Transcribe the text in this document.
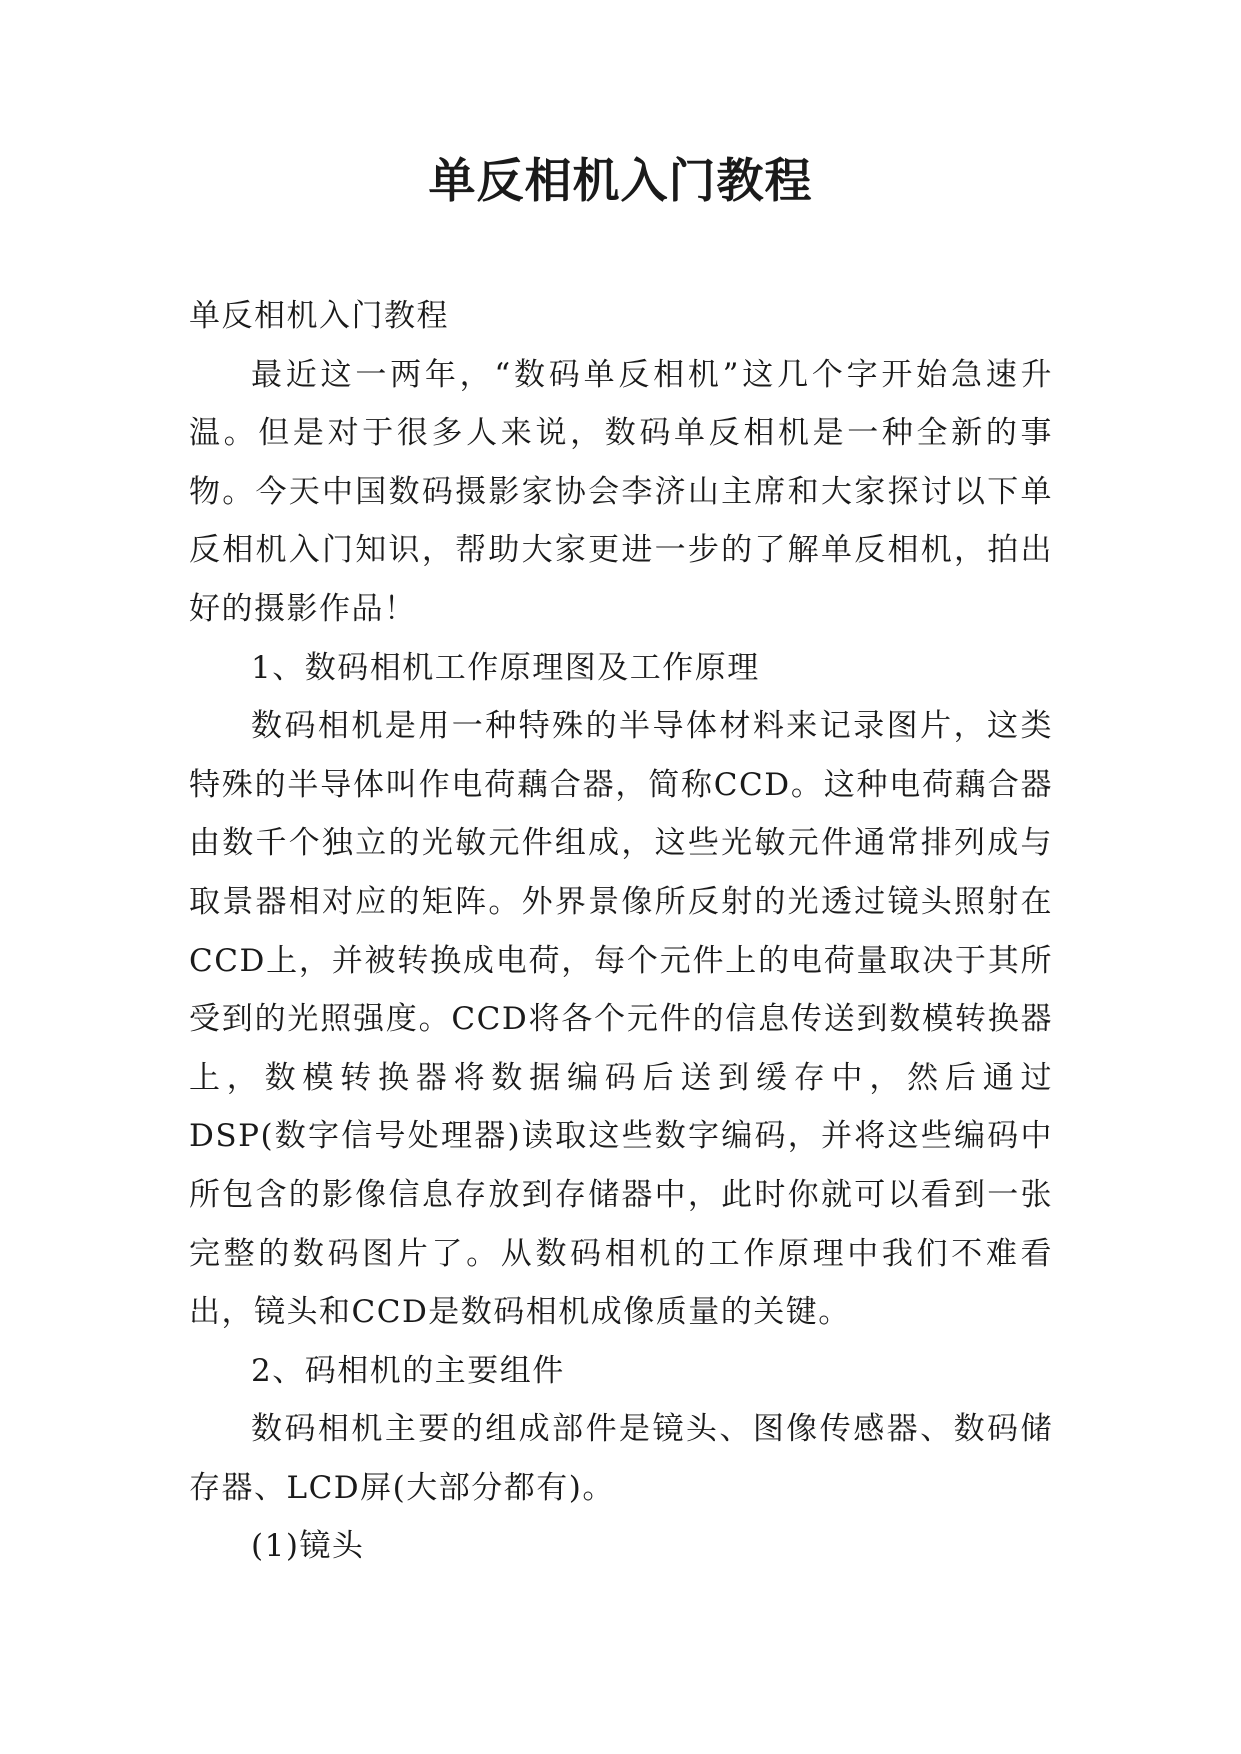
单反相机入门教程

单反相机入门教程

最近这一两年，“数码单反相机”这几个字开始急速升温。但是对于很多人来说，数码单反相机是一种全新的事物。今天中国数码摄影家协会李济山主席和大家探讨以下单反相机入门知识，帮助大家更进一步的了解单反相机，拍出好的摄影作品！

1、数码相机工作原理图及工作原理

数码相机是用一种特殊的半导体材料来记录图片，这类特殊的半导体叫作电荷藕合器，简称CCD。这种电荷藕合器由数千个独立的光敏元件组成，这些光敏元件通常排列成与取景器相对应的矩阵。外界景像所反射的光透过镜头照射在CCD上，并被转换成电荷，每个元件上的电荷量取决于其所受到的光照强度。CCD将各个元件的信息传送到数模转换器上，数模转换器将数据编码后送到缓存中，然后通过DSP(数字信号处理器)读取这些数字编码，并将这些编码中所包含的影像信息存放到存储器中，此时你就可以看到一张完整的数码图片了。从数码相机的工作原理中我们不难看出，镜头和CCD是数码相机成像质量的关键。

2、码相机的主要组件

数码相机主要的组成部件是镜头、图像传感器、数码储存器、LCD屏(大部分都有)。

(1)镜头
